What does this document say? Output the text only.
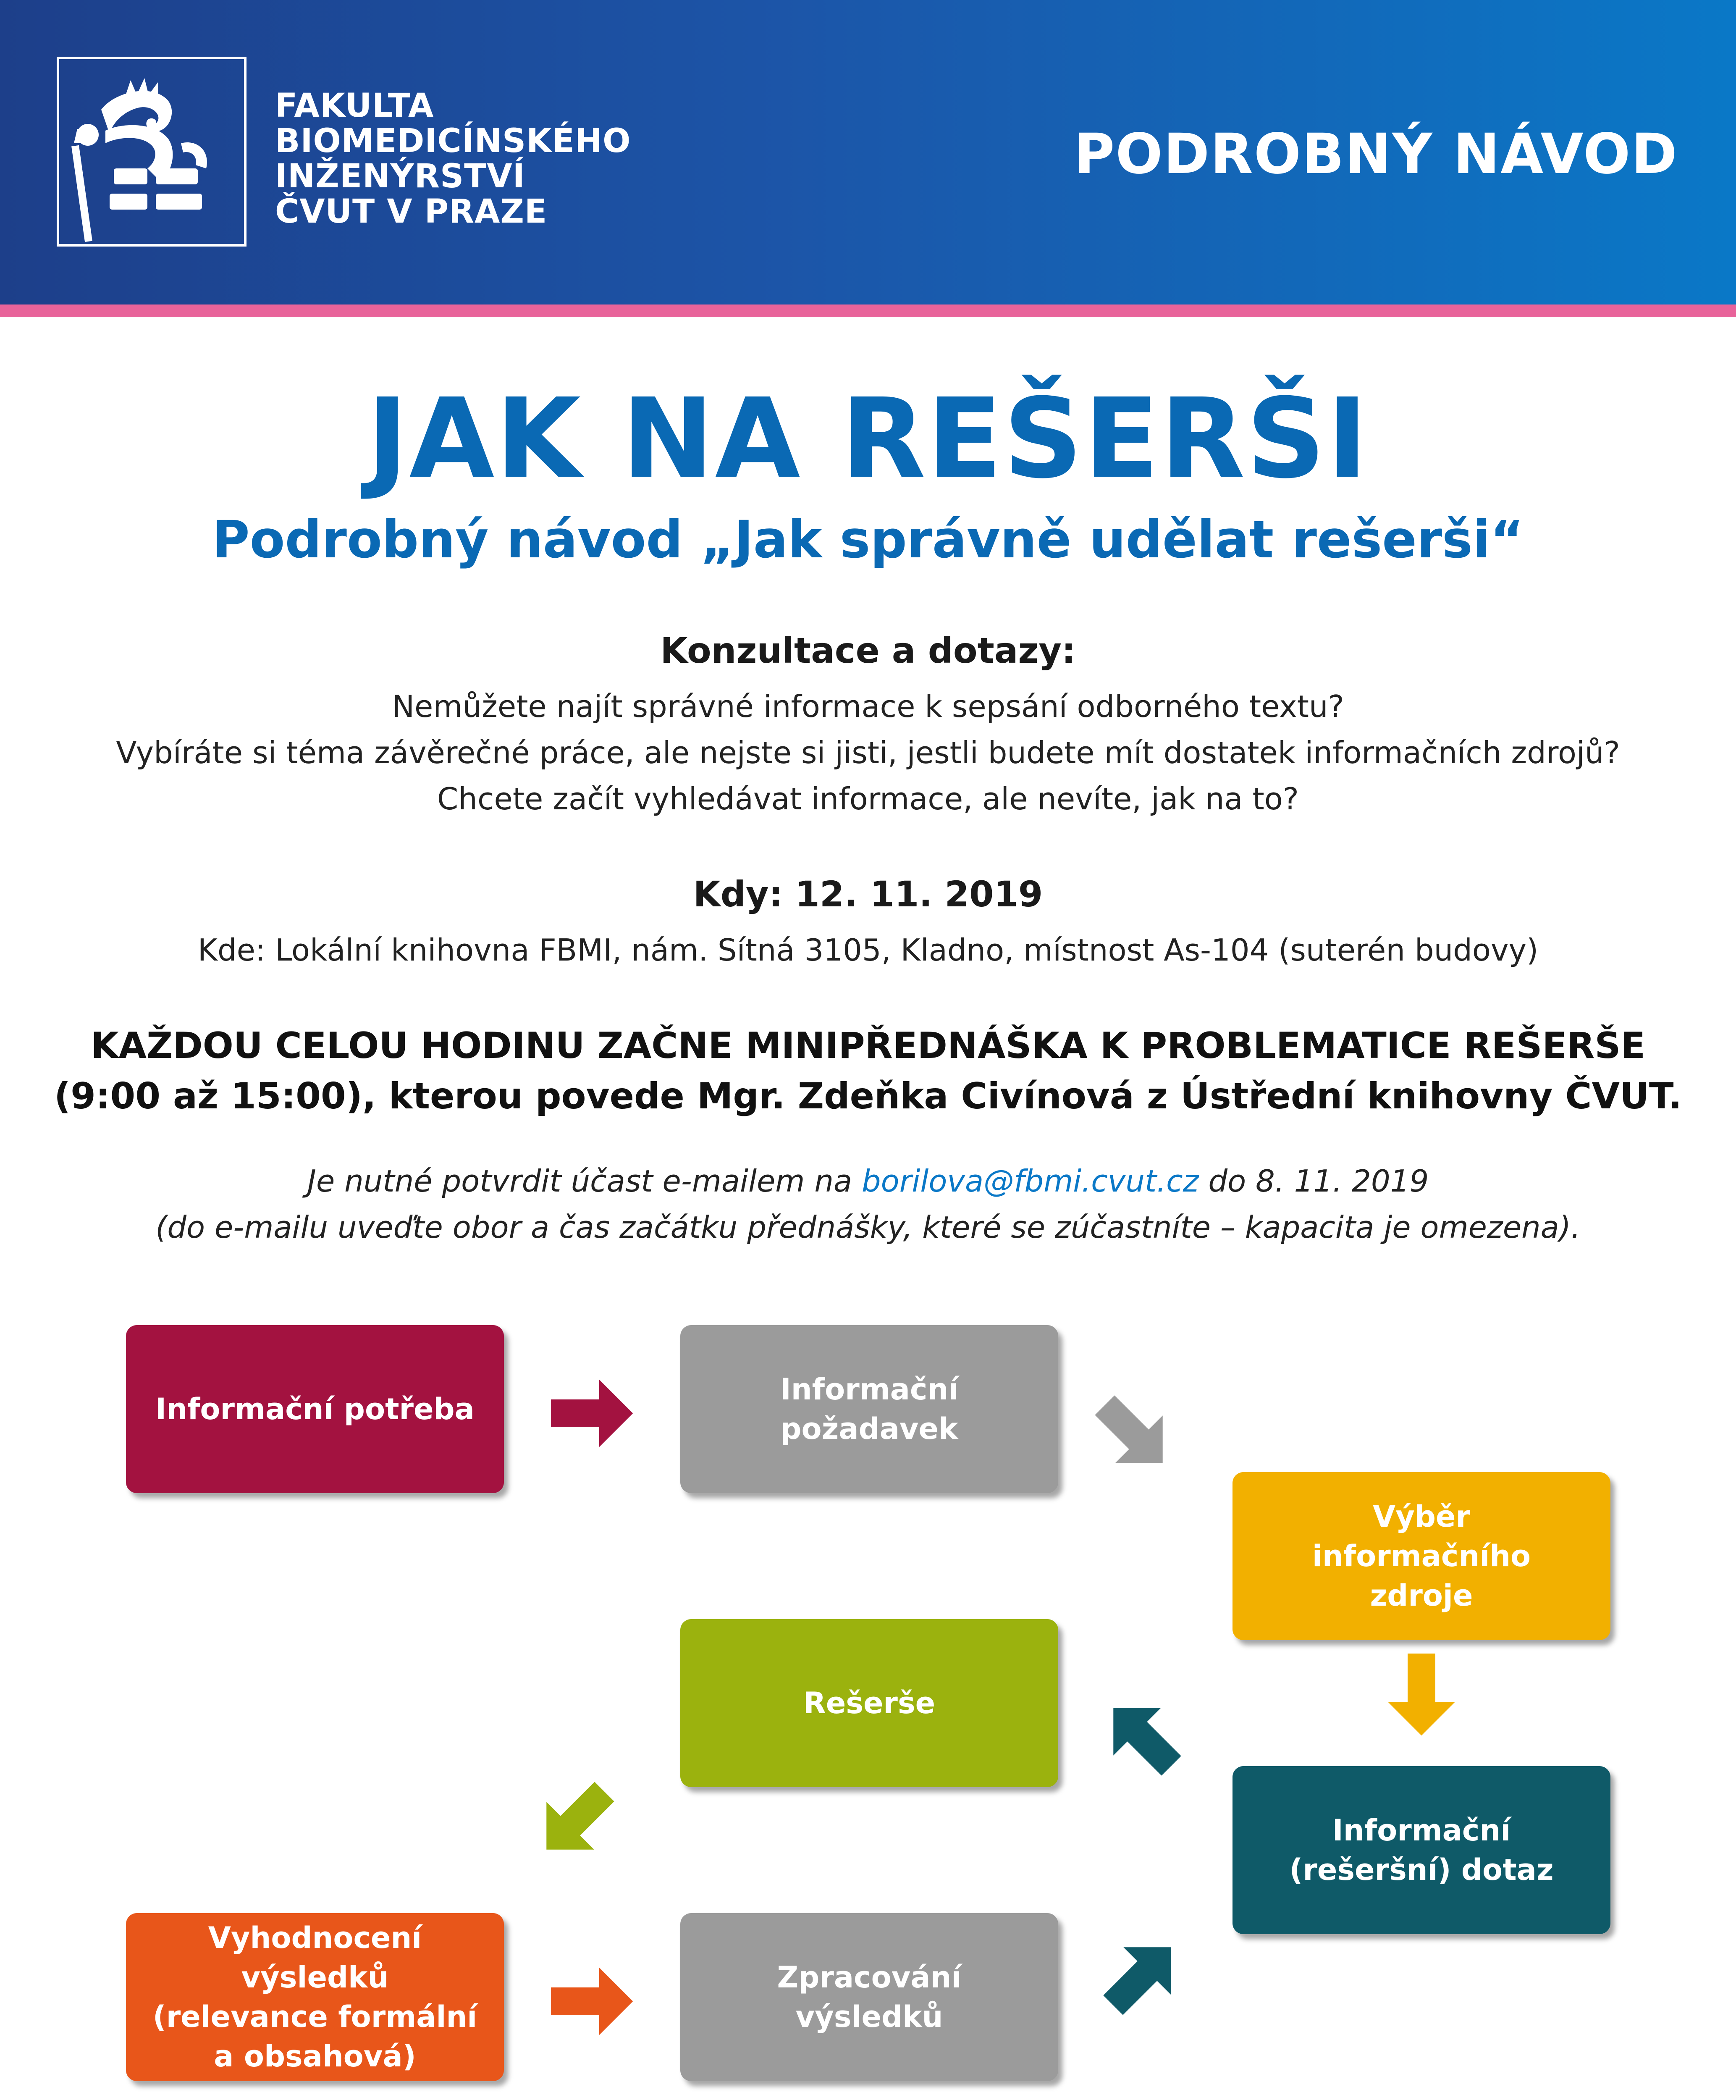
FAKULTA
BIOMEDICÍNSKÉHO
INŽENÝRSTVÍ
ČVUT V PRAZE
PODROBNÝ NÁVOD
JAK NA REŠERŠI
Podrobný návod „Jak správně udělat rešerši“
Konzultace a dotazy:
Nemůžete najít správné informace k sepsání odborného textu?
Vybíráte si téma závěrečné práce, ale nejste si jisti, jestli budete mít dostatek informačních zdrojů?
Chcete začít vyhledávat informace, ale nevíte, jak na to?
Kdy: 12. 11. 2019
Kde: Lokální knihovna FBMI, nám. Sítná 3105, Kladno, místnost As-104 (suterén budovy)
KAŽDOU CELOU HODINU ZAČNE MINIPŘEDNÁŠKA K PROBLEMATICE REŠERŠE
(9:00 až 15:00), kterou povede Mgr. Zdeňka Civínová z Ústřední knihovny ČVUT.
Je nutné potvrdit účast e-mailem na borilova@fbmi.cvut.cz do 8. 11. 2019
(do e-mailu uveďte obor a čas začátku přednášky, které se zúčastníte – kapacita je omezena).
Informační potřeba
Informační
požadavek
Výběr
informačního
zdroje
Rešerše
Informační
(rešeršní) dotaz
Vyhodnocení výsledků
(relevance formální
a obsahová)
Zpracování
výsledků
